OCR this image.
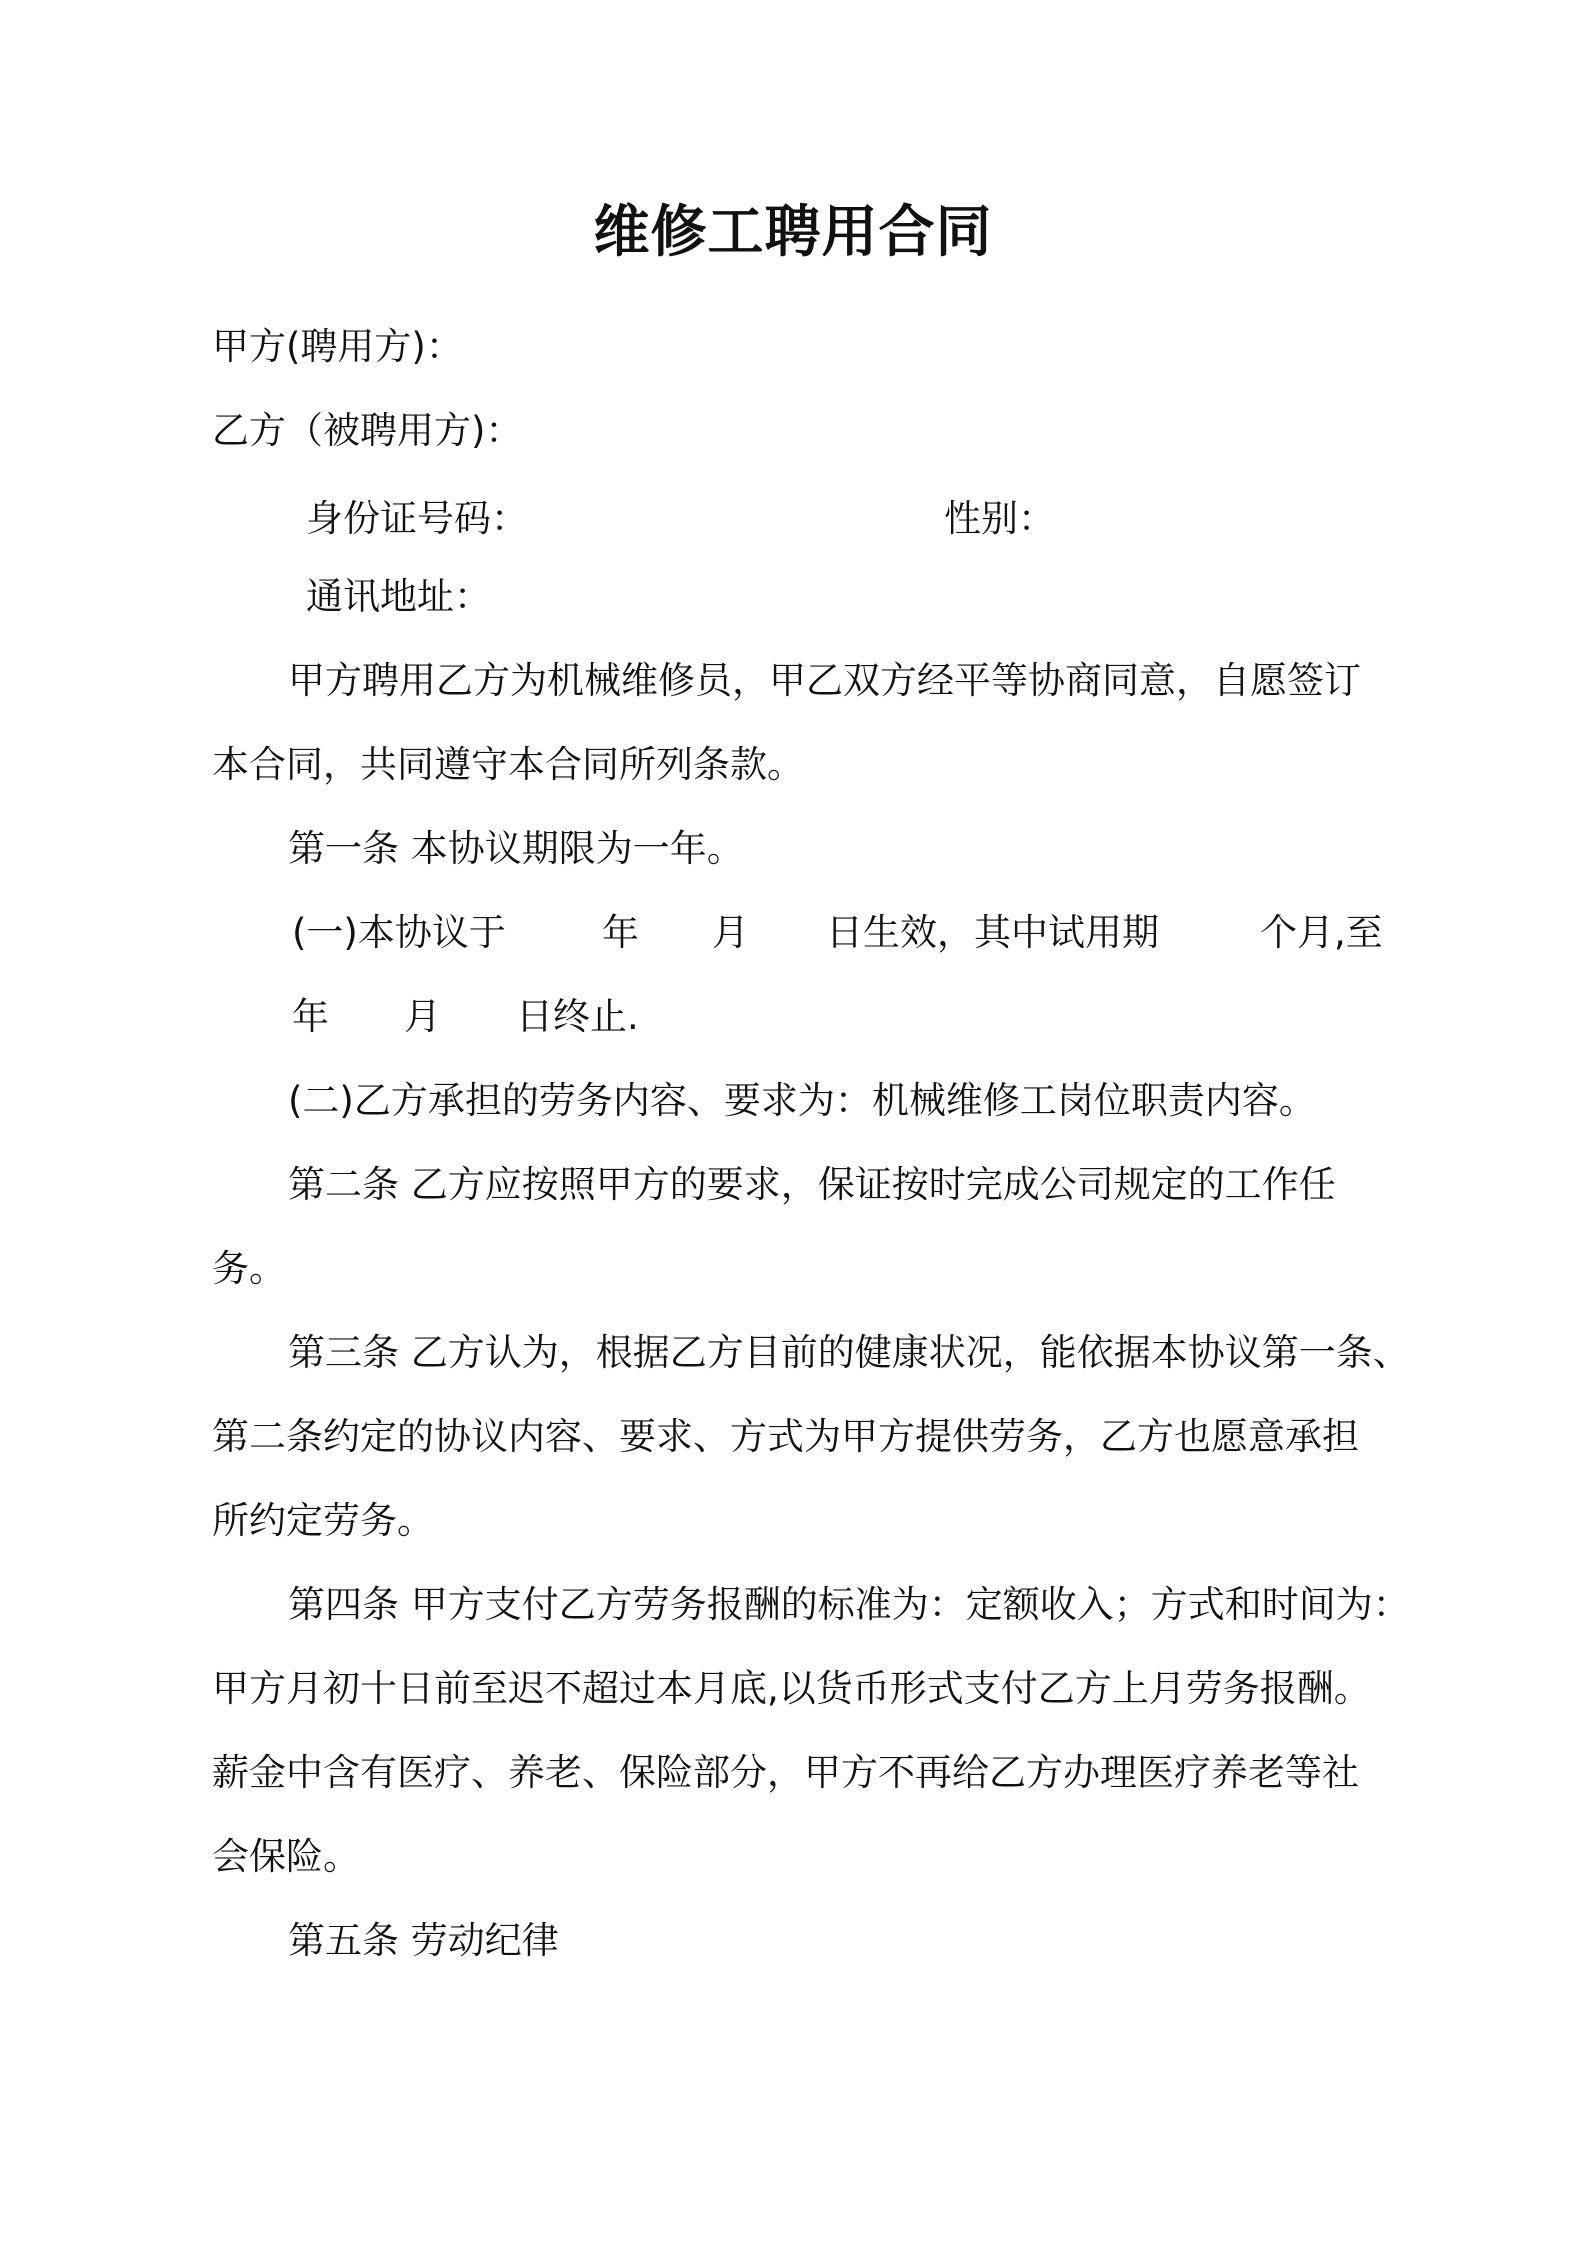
维修工聘用合同
甲方(聘用方)：
乙方（被聘用方)：
身份证号码：	性别：
通讯地址：
甲方聘用乙方为机械维修员，甲乙双方经平等协商同意，自愿签订
本合同，共同遵守本合同所列条款。
第一条 本协议期限为一年。
(一)本协议于	年 月 日生效，其中试用期	个月,至
年 月 日终止.
(二)乙方承担的劳务内容、要求为：机械维修工岗位职责内容。
第二条 乙方应按照甲方的要求，保证按时完成公司规定的工作任
务。
第三条 乙方认为，根据乙方目前的健康状况，能依据本协议第一条、
第二条约定的协议内容、要求、方式为甲方提供劳务，乙方也愿意承担
所约定劳务。
第四条 甲方支付乙方劳务报酬的标准为：定额收入；方式和时间为：
甲方月初十日前至迟不超过本月底,以货币形式支付乙方上月劳务报酬。
薪金中含有医疗、养老、保险部分，甲方不再给乙方办理医疗养老等社
会保险。
第五条 劳动纪律
